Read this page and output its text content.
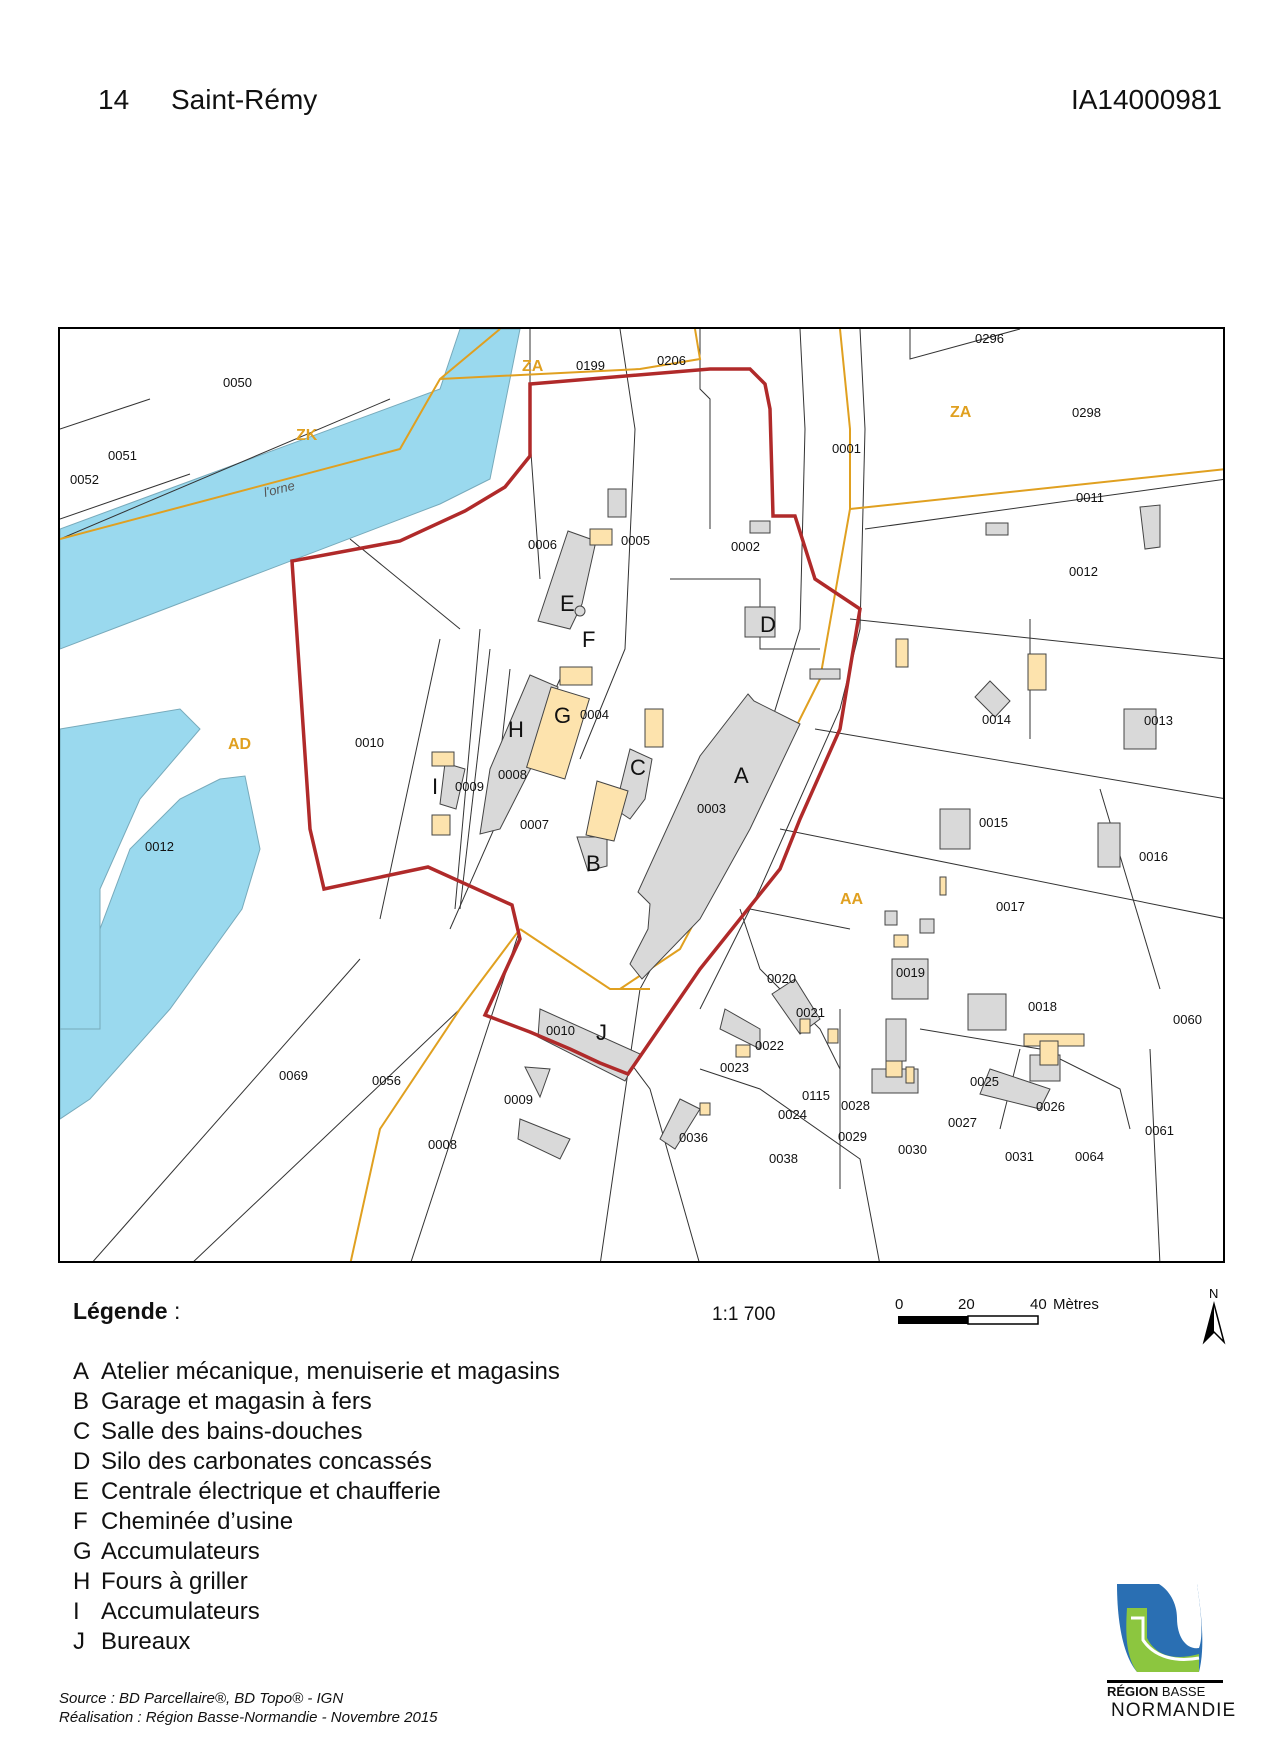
14 Saint-Rémy	IA14000981
l'orne
ZK
ZA
ZA
AD
AA
0050
0199	0206
0296
0298
0051
0052
0001
0011
0006	0005	0002
0012
0010
0004	0014	0013
0009
0008
0003
0015
0007
0012
0016
0017
0020	0019
0018
0010
0021	0060
0022
0023
0069	0056
0009	0115
0025
0024
0028	0026
0027
0036	0029	0061
0008	0030
0038	0031	0064
A
B
C
D
E
F
G
H
I
J
Légende :	1:1 700	0	20	40 Mètres
N
A Atelier mécanique, menuiserie et magasins
B Garage et magasin à fers
C Salle des bains-douches
D Silo des carbonates concassés
E Centrale électrique et chaufferie
F Cheminée d’usine
G Accumulateurs
H Fours à griller
I Accumulateurs
J Bureaux
Source : BD Parcellaire®, BD Topo® - IGN
Réalisation : Région Basse-Normandie - Novembre 2015
RÉGION BASSE
NORMANDIE
